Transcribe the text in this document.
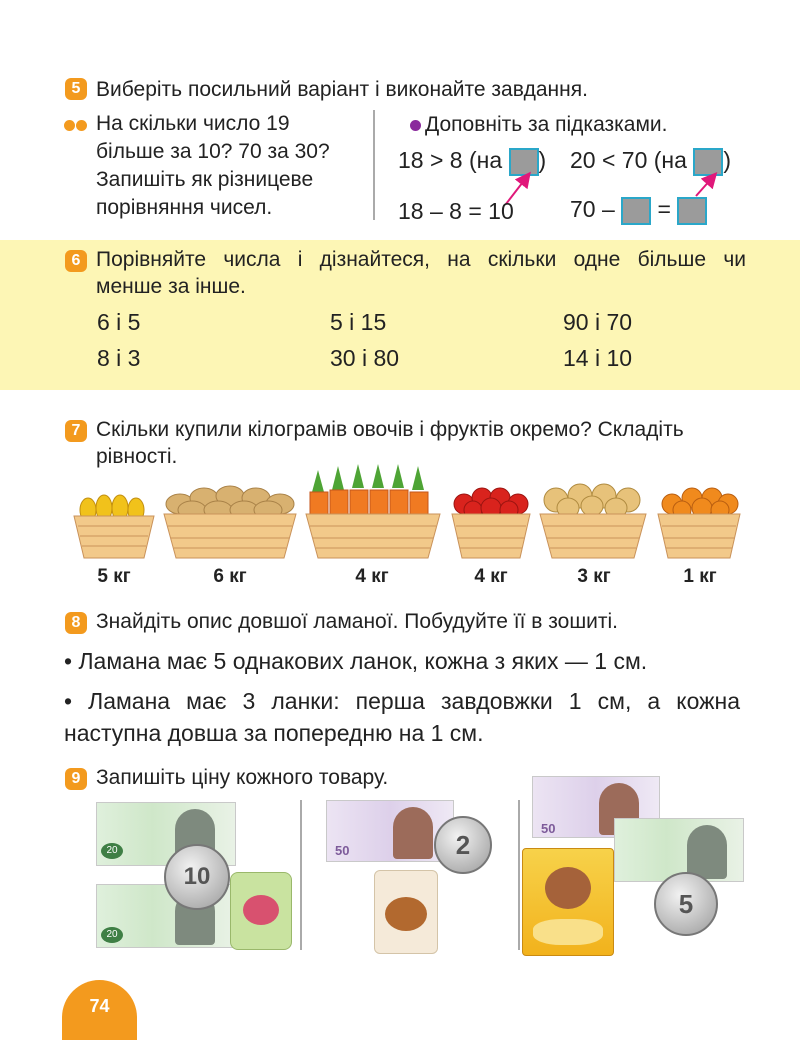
5 Виберіть посильний варіант і виконайте завдання.

На скільки число 19
більше за 10? 70 за 30?
Запишіть як різницеве
порівняння чисел.
Доповніть за підказками.
18 > 8 (на ) 20 < 70 (на )
18 – 8 = 10 70 – =
6 Порівняйте числа і дізнайтеся, на скільки одне більше чи
менше за інше.
6 і 5	5 і 15	90 і 70
8 і 3	30 і 80	14 і 10
7 Скільки купили кілограмів овочів і фруктів окремо? Складіть
рівності.
5 кг	6 кг	4 кг	4 кг	3 кг	1 кг
8 Знайдіть опис довшої ламаної. Побудуйте її в зошиті.
• Ламана має 5 однакових ланок, кожна з яких — 1 см.
• Ламана має 3 ланки: перша завдовжки 1 см, а кожна
наступна довша за попередню на 1 см.
9 Запишіть ціну кожного товару.
20
20
10
50	2
50
5
74
